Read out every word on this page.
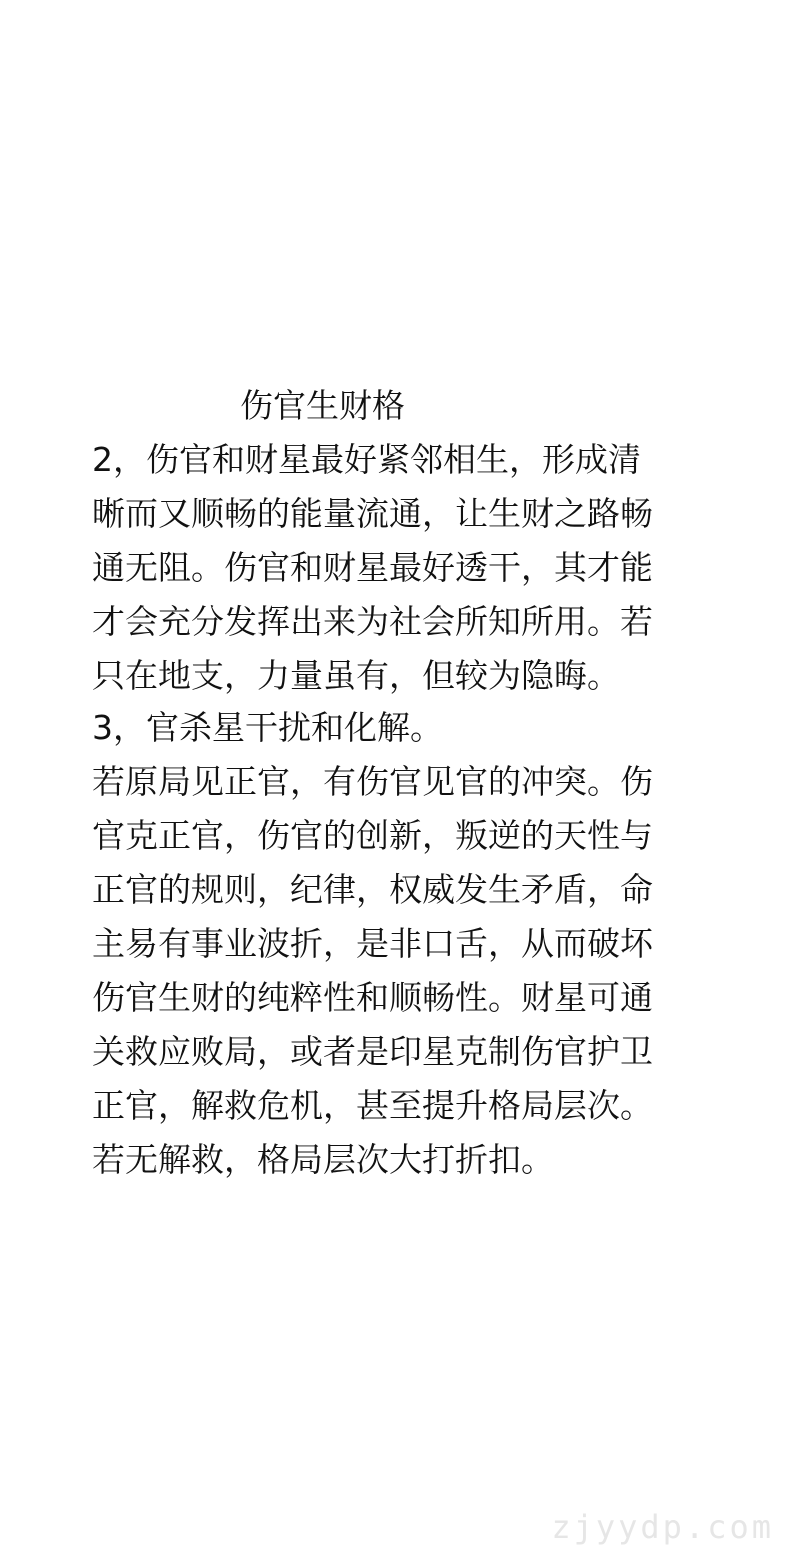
伤官生财格
2，伤官和财星最好紧邻相生，形成清
晰而又顺畅的能量流通，让生财之路畅
通无阻。伤官和财星最好透干，其才能
才会充分发挥出来为社会所知所用。若
只在地支，力量虽有，但较为隐晦。
3，官杀星干扰和化解。
若原局见正官，有伤官见官的冲突。伤
官克正官，伤官的创新，叛逆的天性与
正官的规则，纪律，权威发生矛盾，命
主易有事业波折，是非口舌，从而破坏
伤官生财的纯粹性和顺畅性。财星可通
关救应败局，或者是印星克制伤官护卫
正官，解救危机，甚至提升格局层次。
若无解救，格局层次大打折扣。
zjyydp.com
